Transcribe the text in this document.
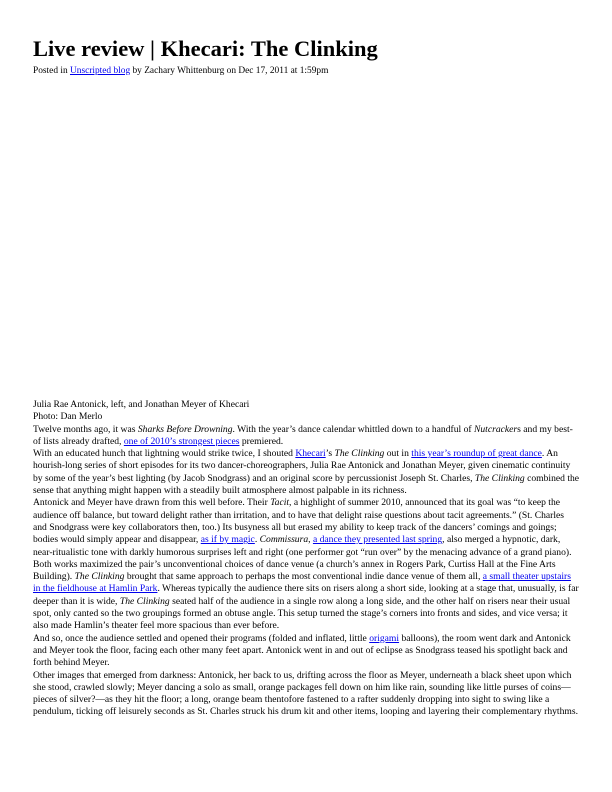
Live review | Khecari: The Clinking

Posted in Unscripted blog by Zachary Whittenburg on Dec 17, 2011 at 1:59pm

Julia Rae Antonick, left, and Jonathan Meyer of Khecari
Photo: Dan Merlo

Twelve months ago, it was Sharks Before Drowning. With the year’s dance calendar whittled down to a handful of Nutcrackers and my best-of lists already drafted, one of 2010’s strongest pieces premiered.

With an educated hunch that lightning would strike twice, I shouted Khecari’s The Clinking out in this year’s roundup of great dance. An hourish-long series of short episodes for its two dancer-choreographers, Julia Rae Antonick and Jonathan Meyer, given cinematic continuity by some of the year’s best lighting (by Jacob Snodgrass) and an original score by percussionist Joseph St. Charles, The Clinking combined the sense that anything might happen with a steadily built atmosphere almost palpable in its richness.

Antonick and Meyer have drawn from this well before. Their Tacit, a highlight of summer 2010, announced that its goal was “to keep the audience off balance, but toward delight rather than irritation, and to have that delight raise questions about tacit agreements.” (St. Charles and Snodgrass were key collaborators then, too.) Its busyness all but erased my ability to keep track of the dancers’ comings and goings; bodies would simply appear and disappear, as if by magic. Commissura, a dance they presented last spring, also merged a hypnotic, dark, near-ritualistic tone with darkly humorous surprises left and right (one performer got “run over” by the menacing advance of a grand piano).

Both works maximized the pair’s unconventional choices of dance venue (a church’s annex in Rogers Park, Curtiss Hall at the Fine Arts Building). The Clinking brought that same approach to perhaps the most conventional indie dance venue of them all, a small theater upstairs in the fieldhouse at Hamlin Park. Whereas typically the audience there sits on risers along a short side, looking at a stage that, unusually, is far deeper than it is wide, The Clinking seated half of the audience in a single row along a long side, and the other half on risers near their usual spot, only canted so the two groupings formed an obtuse angle. This setup turned the stage’s corners into fronts and sides, and vice versa; it also made Hamlin’s theater feel more spacious than ever before.

And so, once the audience settled and opened their programs (folded and inflated, little origami balloons), the room went dark and Antonick and Meyer took the floor, facing each other many feet apart. Antonick went in and out of eclipse as Snodgrass teased his spotlight back and forth behind Meyer.

Other images that emerged from darkness: Antonick, her back to us, drifting across the floor as Meyer, underneath a black sheet upon which she stood, crawled slowly; Meyer dancing a solo as small, orange packages fell down on him like rain, sounding like little purses of coins—pieces of silver?—as they hit the floor; a long, orange beam thentofore fastened to a rafter suddenly dropping into sight to swing like a pendulum, ticking off leisurely seconds as St. Charles struck his drum kit and other items, looping and layering their complementary rhythms.
